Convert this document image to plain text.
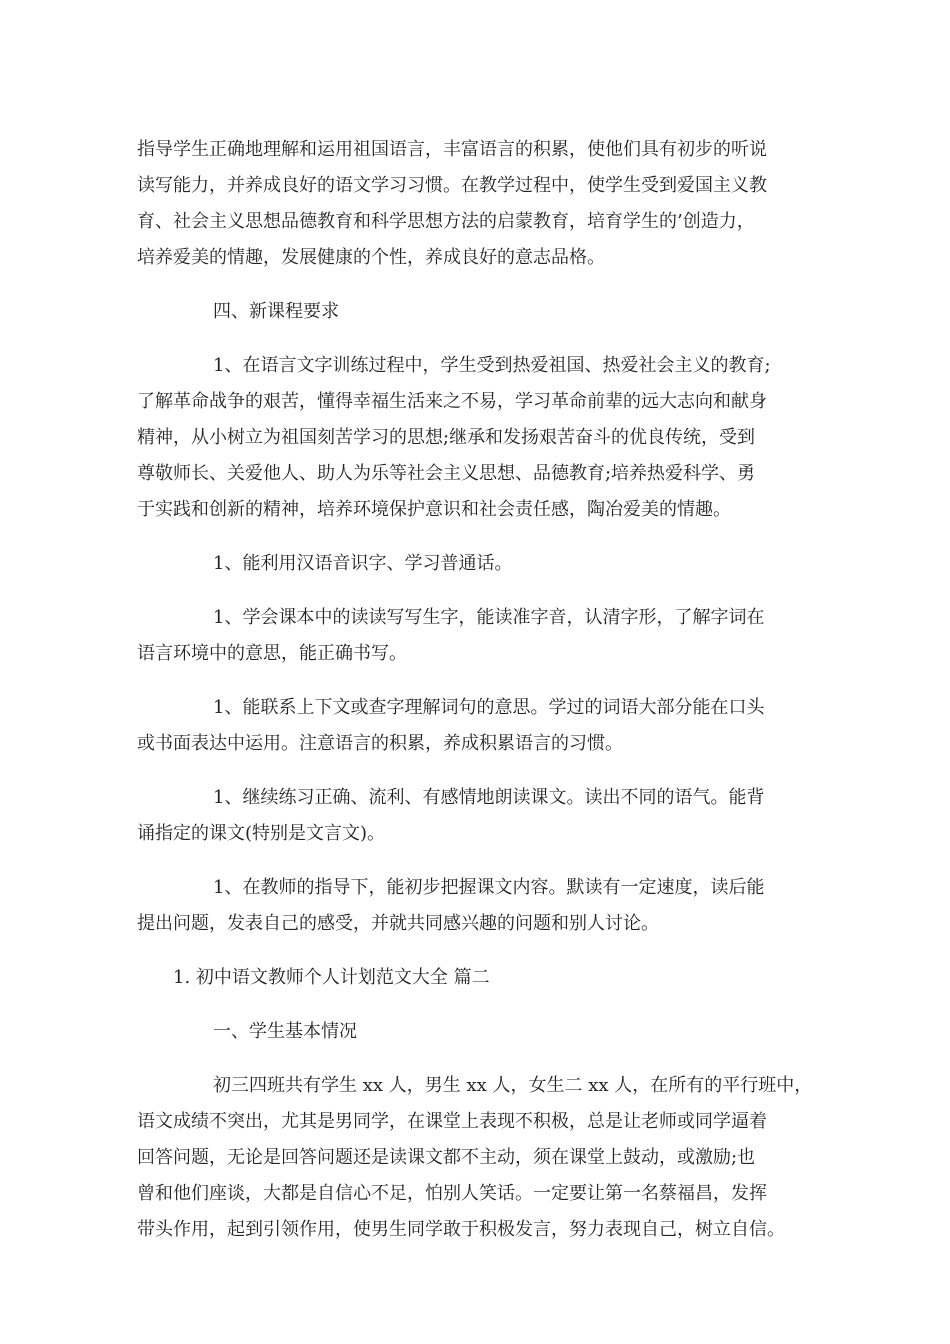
指导学生正确地理解和运用祖国语言，丰富语言的积累，使他们具有初步的听说
读写能力，并养成良好的语文学习习惯。在教学过程中，使学生受到爱国主义教
育、社会主义思想品德教育和科学思想方法的启蒙教育，培育学生的’创造力，
培养爱美的情趣，发展健康的个性，养成良好的意志品格。

四、新课程要求

1、在语言文字训练过程中，学生受到热爱祖国、热爱社会主义的教育;
了解革命战争的艰苦，懂得幸福生活来之不易，学习革命前辈的远大志向和献身
精神，从小树立为祖国刻苦学习的思想;继承和发扬艰苦奋斗的优良传统，受到
尊敬师长、关爱他人、助人为乐等社会主义思想、品德教育;培养热爱科学、勇
于实践和创新的精神，培养环境保护意识和社会责任感，陶冶爱美的情趣。

1、能利用汉语音识字、学习普通话。

1、学会课本中的读读写写生字，能读准字音，认清字形，了解字词在
语言环境中的意思，能正确书写。

1、能联系上下文或查字理解词句的意思。学过的词语大部分能在口头
或书面表达中运用。注意语言的积累，养成积累语言的习惯。

1、继续练习正确、流利、有感情地朗读课文。读出不同的语气。能背
诵指定的课文(特别是文言文)。

1、在教师的指导下，能初步把握课文内容。默读有一定速度，读后能
提出问题，发表自己的感受，并就共同感兴趣的问题和别人讨论。

1. 初中语文教师个人计划范文大全 篇二

一、学生基本情况

初三四班共有学生 xx 人，男生 xx 人，女生二 xx 人，在所有的平行班中，
语文成绩不突出，尤其是男同学，在课堂上表现不积极，总是让老师或同学逼着
回答问题，无论是回答问题还是读课文都不主动，须在课堂上鼓动，或激励;也
曾和他们座谈，大都是自信心不足，怕别人笑话。一定要让第一名蔡福昌，发挥
带头作用，起到引领作用，使男生同学敢于积极发言，努力表现自己，树立自信。
